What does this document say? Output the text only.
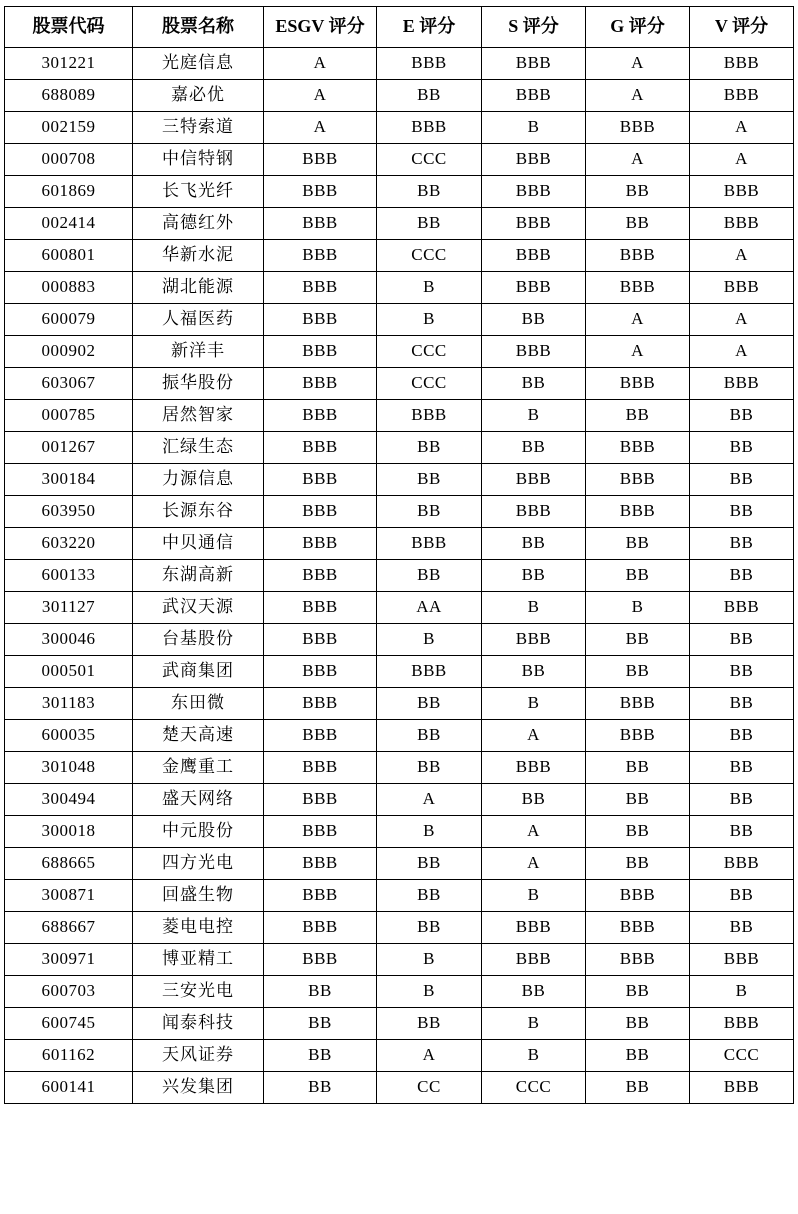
股票代码	股票名称	ESGV 评分	E 评分	S 评分	G 评分	V 评分
301221	光庭信息	A	BBB	BBB	A	BBB
688089	嘉必优	A	BB	BBB	A	BBB
002159	三特索道	A	BBB	B	BBB	A
000708	中信特钢	BBB	CCC	BBB	A	A
601869	长飞光纤	BBB	BB	BBB	BB	BBB
002414	高德红外	BBB	BB	BBB	BB	BBB
600801	华新水泥	BBB	CCC	BBB	BBB	A
000883	湖北能源	BBB	B	BBB	BBB	BBB
600079	人福医药	BBB	B	BB	A	A
000902	新洋丰	BBB	CCC	BBB	A	A
603067	振华股份	BBB	CCC	BB	BBB	BBB
000785	居然智家	BBB	BBB	B	BB	BB
001267	汇绿生态	BBB	BB	BB	BBB	BB
300184	力源信息	BBB	BB	BBB	BBB	BB
603950	长源东谷	BBB	BB	BBB	BBB	BB
603220	中贝通信	BBB	BBB	BB	BB	BB
600133	东湖高新	BBB	BB	BB	BB	BB
301127	武汉天源	BBB	AA	B	B	BBB
300046	台基股份	BBB	B	BBB	BB	BB
000501	武商集团	BBB	BBB	BB	BB	BB
301183	东田微	BBB	BB	B	BBB	BB
600035	楚天高速	BBB	BB	A	BBB	BB
301048	金鹰重工	BBB	BB	BBB	BB	BB
300494	盛天网络	BBB	A	BB	BB	BB
300018	中元股份	BBB	B	A	BB	BB
688665	四方光电	BBB	BB	A	BB	BBB
300871	回盛生物	BBB	BB	B	BBB	BB
688667	菱电电控	BBB	BB	BBB	BBB	BB
300971	博亚精工	BBB	B	BBB	BBB	BBB
600703	三安光电	BB	B	BB	BB	B
600745	闻泰科技	BB	BB	B	BB	BBB
601162	天风证券	BB	A	B	BB	CCC
600141	兴发集团	BB	CC	CCC	BB	BBB
